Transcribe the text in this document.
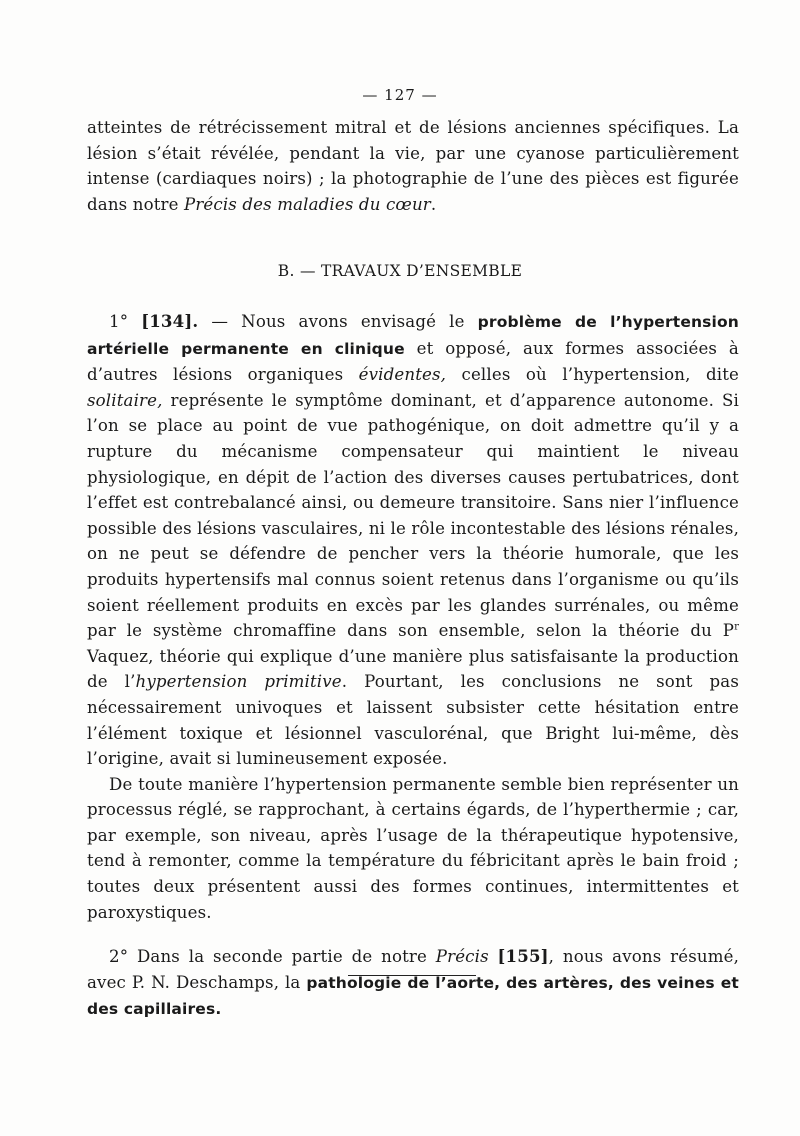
— 127 —

atteintes de rétrécissement mitral et de lésions anciennes spécifiques. La lésion s’était révélée, pendant la vie, par une cyanose particulièrement intense (cardiaques noirs) ; la photographie de l’une des pièces est figurée dans notre Précis des maladies du cœur.

B. — TRAVAUX D’ENSEMBLE

1° [134]. — Nous avons envisagé le problème de l’hypertension artérielle permanente en clinique et opposé, aux formes associées à d’autres lésions organiques évidentes, celles où l’hypertension, dite solitaire, représente le symptôme dominant, et d’apparence autonome. Si l’on se place au point de vue pathogénique, on doit admettre qu’il y a rupture du mécanisme compensateur qui maintient le niveau physiologique, en dépit de l’action des diverses causes pertubatrices, dont l’effet est contrebalancé ainsi, ou demeure transitoire. Sans nier l’influence possible des lésions vasculaires, ni le rôle incontestable des lésions rénales, on ne peut se défendre de pencher vers la théorie humorale, que les produits hypertensifs mal connus soient retenus dans l’organisme ou qu’ils soient réellement produits en excès par les glandes surrénales, ou même par le système chromaffine dans son ensemble, selon la théorie du $P^r$ Vaquez, théorie qui explique d’une manière plus satisfaisante la production de l’hypertension primitive. Pourtant, les conclusions ne sont pas nécessairement univoques et laissent subsister cette hésitation entre l’élément toxique et lésionnel vasculorénal, que Bright lui-même, dès l’origine, avait si lumineusement exposée.

De toute manière l’hypertension permanente semble bien représenter un processus réglé, se rapprochant, à certains égards, de l’hyperthermie ; car, par exemple, son niveau, après l’usage de la thérapeutique hypotensive, tend à remonter, comme la température du fébricitant après le bain froid ; toutes deux présentent aussi des formes continues, intermittentes et paroxystiques.

2° Dans la seconde partie de notre Précis [155], nous avons résumé, avec P. N. Deschamps, la pathologie de l’aorte, des artères, des veines et des capillaires.
